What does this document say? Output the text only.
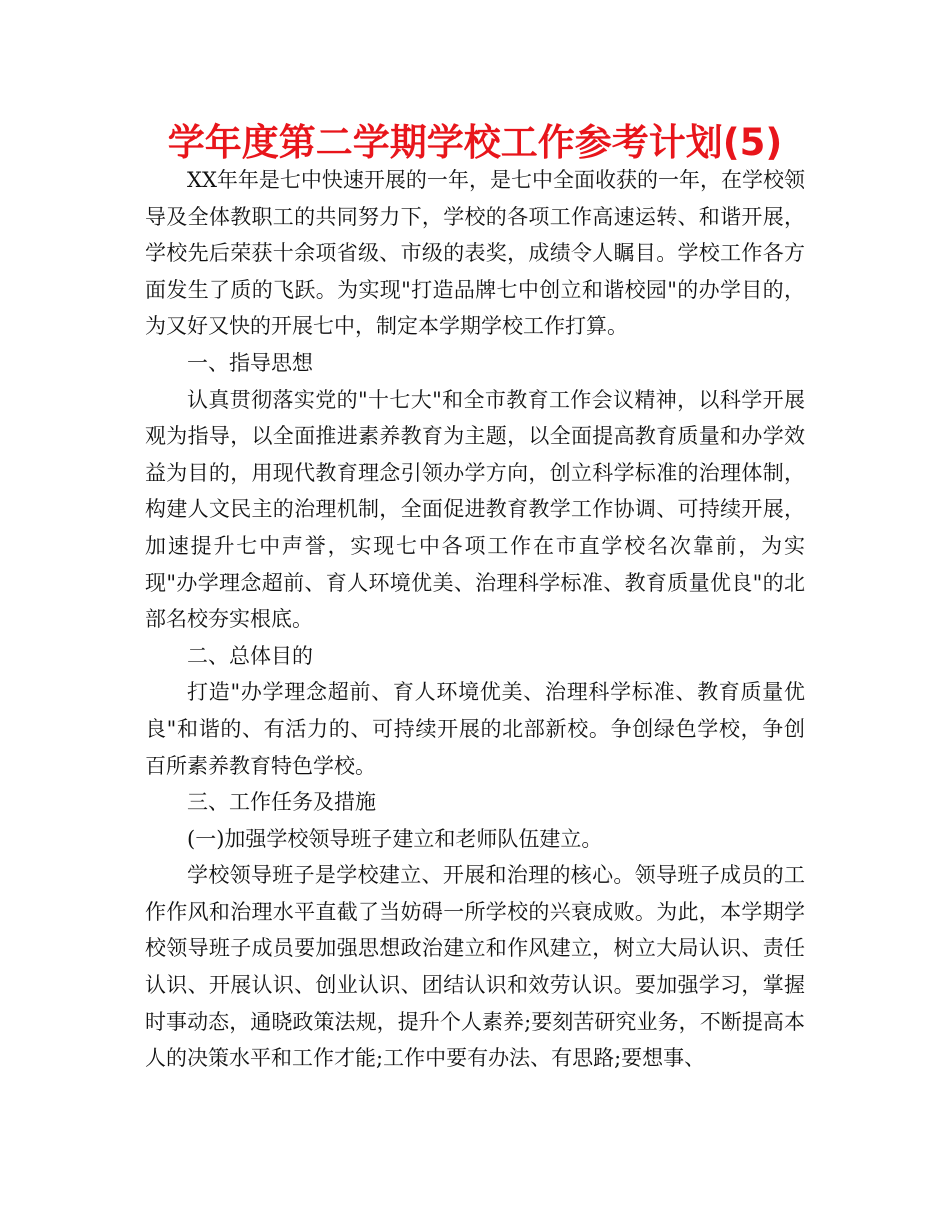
学年度第二学期学校工作参考计划(5)

XX年年是七中快速开展的一年，是七中全面收获的一年，在学校领导及全体教职工的共同努力下，学校的各项工作高速运转、和谐开展，学校先后荣获十余项省级、市级的表奖，成绩令人瞩目。学校工作各方面发生了质的飞跃。为实现"打造品牌七中创立和谐校园"的办学目的，为又好又快的开展七中，制定本学期学校工作打算。

一、指导思想

认真贯彻落实党的"十七大"和全市教育工作会议精神，以科学开展观为指导，以全面推进素养教育为主题，以全面提高教育质量和办学效益为目的，用现代教育理念引领办学方向，创立科学标准的治理体制，构建人文民主的治理机制，全面促进教育教学工作协调、可持续开展，加速提升七中声誉，实现七中各项工作在市直学校名次靠前，为实现"办学理念超前、育人环境优美、治理科学标准、教育质量优良"的北部名校夯实根底。

二、总体目的

打造"办学理念超前、育人环境优美、治理科学标准、教育质量优良"和谐的、有活力的、可持续开展的北部新校。争创绿色学校，争创百所素养教育特色学校。

三、工作任务及措施

(一)加强学校领导班子建立和老师队伍建立。

学校领导班子是学校建立、开展和治理的核心。领导班子成员的工作作风和治理水平直截了当妨碍一所学校的兴衰成败。为此，本学期学校领导班子成员要加强思想政治建立和作风建立，树立大局认识、责任认识、开展认识、创业认识、团结认识和效劳认识。要加强学习，掌握时事动态，通晓政策法规，提升个人素养;要刻苦研究业务，不断提高本人的决策水平和工作才能;工作中要有办法、有思路;要想事、
